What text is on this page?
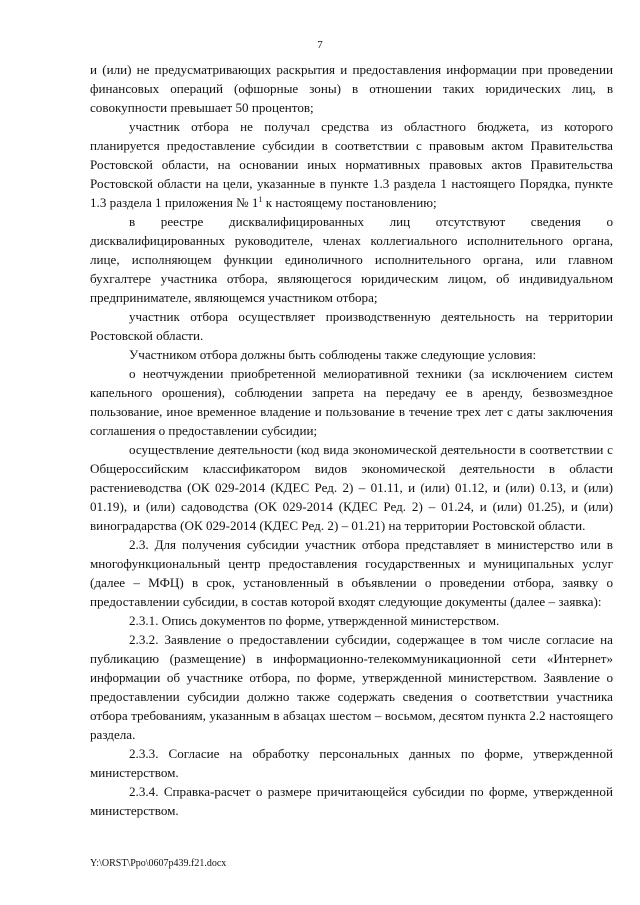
7

и (или) не предусматривающих раскрытия и предоставления информации при проведении финансовых операций (офшорные зоны) в отношении таких юридических лиц, в совокупности превышает 50 процентов;

участник отбора не получал средства из областного бюджета, из которого планируется предоставление субсидии в соответствии с правовым актом Правительства Ростовской области, на основании иных нормативных правовых актов Правительства Ростовской области на цели, указанные в пункте 1.3 раздела 1 настоящего Порядка, пункте 1.3 раздела 1 приложения № $1^1$ к настоящему постановлению;

в реестре дисквалифицированных лиц отсутствуют сведения о дисквалифицированных руководителе, членах коллегиального исполнительного органа, лице, исполняющем функции единоличного исполнительного органа, или главном бухгалтере участника отбора, являющегося юридическим лицом, об индивидуальном предпринимателе, являющемся участником отбора;

участник отбора осуществляет производственную деятельность на территории Ростовской области.

Участником отбора должны быть соблюдены также следующие условия:

о неотчуждении приобретенной мелиоративной техники (за исключением систем капельного орошения), соблюдении запрета на передачу ее в аренду, безвозмездное пользование, иное временное владение и пользование в течение трех лет с даты заключения соглашения о предоставлении субсидии;

осуществление деятельности (код вида экономической деятельности в соответствии с Общероссийским классификатором видов экономической деятельности в области растениеводства (ОК 029-2014 (КДЕС Ред. 2) – 01.11, и (или) 01.12, и (или) 0.13, и (или) 01.19), и (или) садоводства (ОК 029-2014 (КДЕС Ред. 2) – 01.24, и (или) 01.25), и (или) виноградарства (ОК 029-2014 (КДЕС Ред. 2) – 01.21) на территории Ростовской области.

2.3. Для получения субсидии участник отбора представляет в министерство или в многофункциональный центр предоставления государственных и муниципальных услуг (далее – МФЦ) в срок, установленный в объявлении о проведении отбора, заявку о предоставлении субсидии, в состав которой входят следующие документы (далее – заявка):

2.3.1. Опись документов по форме, утвержденной министерством.

2.3.2. Заявление о предоставлении субсидии, содержащее в том числе согласие на публикацию (размещение) в информационно-телекоммуникационной сети «Интернет» информации об участнике отбора, по форме, утвержденной министерством. Заявление о предоставлении субсидии должно также содержать сведения о соответствии участника отбора требованиям, указанным в абзацах шестом – восьмом, десятом пункта 2.2 настоящего раздела.

2.3.3. Согласие на обработку персональных данных по форме, утвержденной министерством.

2.3.4. Справка-расчет о размере причитающейся субсидии по форме, утвержденной министерством.

Y:\ORST\Ppo\0607p439.f21.docx
